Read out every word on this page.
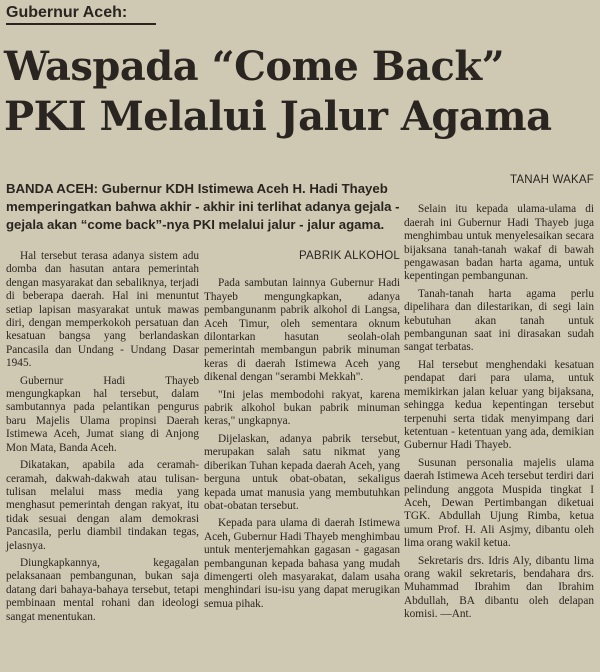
Gubernur Aceh:
Waspada “Come Back”
PKI Melalui Jalur Agama
BANDA ACEH: Gubernur KDH Istimewa Aceh H. Hadi Thayeb memperingatkan bahwa akhir - akhir ini terlihat adanya gejala - gejala akan “come back”-nya PKI melalui jalur - jalur agama.

Hal tersebut terasa adanya sistem adu domba dan hasutan antara pemerintah dengan masyarakat dan sebaliknya, terjadi di beberapa daerah. Hal ini menuntut setiap lapisan masyarakat untuk mawas diri, dengan memperkokoh persatuan dan kesatuan bangsa yang berlandaskan Pancasila dan Undang - Undang Dasar 1945.

Gubernur Hadi Thayeb mengungkapkan hal tersebut, dalam sambutannya pada pelantikan pengurus baru Majelis Ulama propinsi Daerah Istimewa Aceh, Jumat siang di Anjong Mon Mata, Banda Aceh.

Dikatakan, apabila ada ceramah-ceramah, dakwah-dakwah atau tulisan-tulisan melalui mass media yang menghasut pemerintah dengan rakyat, itu tidak sesuai dengan alam demokrasi Pancasila, perlu diambil tindakan tegas, jelasnya.

Diungkapkannya, kegagalan pelaksanaan pembangunan, bukan saja datang dari bahaya-bahaya tersebut, tetapi pembinaan mental rohani dan ideologi sangat menentukan.

PABRIK ALKOHOL

Pada sambutan lainnya Gubernur Hadi Thayeb mengungkapkan, adanya pembangunanm pabrik alkohol di Langsa, Aceh Timur, oleh sementara oknum dilontarkan hasutan seolah-olah pemerintah membangun pabrik minuman keras di daerah Istimewa Aceh yang dikenal dengan "serambi Mekkah".

"Ini jelas membodohi rakyat, karena pabrik alkohol bukan pabrik minuman keras," ungkapnya.

Dijelaskan, adanya pabrik tersebut, merupakan salah satu nikmat yang diberikan Tuhan kepada daerah Aceh, yang berguna untuk obat-obatan, sekaligus kepada umat manusia yang membutuhkan obat-obatan tersebut.

Kepada para ulama di daerah Istimewa Aceh, Gubernur Hadi Thayeb menghimbau untuk menterjemahkan gagasan - gagasan pembangunan kepada bahasa yang mudah dimengerti oleh masyarakat, dalam usaha menghindari isu-isu yang dapat merugikan semua pihak.

TANAH WAKAF

Selain itu kepada ulama-ulama di daerah ini Gubernur Hadi Thayeb juga menghimbau untuk menyelesaikan secara bijaksana tanah-tanah wakaf di bawah pengawasan badan harta agama, untuk kepentingan pembangunan.

Tanah-tanah harta agama perlu dipelihara dan dilestarikan, di segi lain kebutuhan akan tanah untuk pembangunan saat ini dirasakan sudah sangat terbatas.

Hal tersebut menghendaki kesatuan pendapat dari para ulama, untuk memikirkan jalan keluar yang bijaksana, sehingga kedua kepentingan tersebut terpenuhi serta tidak menyimpang dari ketentuan - ketentuan yang ada, demikian Gubernur Hadi Thayeb.

Susunan personalia majelis ulama daerah Istimewa Aceh tersebut terdiri dari pelindung anggota Muspida tingkat I Aceh, Dewan Pertimbangan diketuai TGK. Abdullah Ujung Rimba, ketua umum Prof. H. Ali Asjmy, dibantu oleh lima orang wakil ketua.

Sekretaris drs. Idris Aly, dibantu lima orang wakil sekretaris, bendahara drs. Muhammad Ibrahim dan Ibrahim Abdullah, BA dibantu oleh delapan komisi. —Ant.
